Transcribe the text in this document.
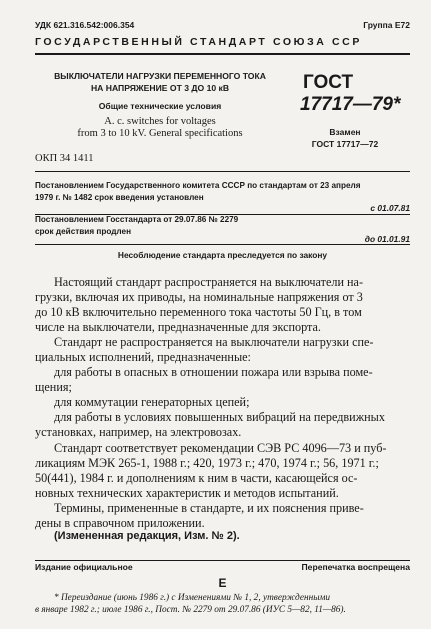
УДК 621.316.542:006.354	Группа Е72
ГОСУДАРСТВЕННЫЙ СТАНДАРТ СОЮЗА ССР
ВЫКЛЮЧАТЕЛИ НАГРУЗКИ ПЕРЕМЕННОГО ТОКА
НА НАПРЯЖЕНИЕ ОТ 3 ДО 10 кВ
Общие технические условия
A. c. switches for voltages
from 3 to 10 kV. General specifications
ГОСТ
17717—79*
Взамен
ГОСТ 17717—72
ОКП 34 1411
Постановлением Государственного комитета СССР по стандартам от 23 апреля
1979 г. № 1482 срок введения установлен
с 01.07.81
Постановлением Госстандарта от 29.07.86 № 2279
срок действия продлен
до 01.01.91
Несоблюдение стандарта преследуется по закону
Настоящий стандарт распространяется на выключатели на-
грузки, включая их приводы, на номинальные напряжения от 3
до 10 кВ включительно переменного тока частоты 50 Гц, в том
числе на выключатели, предназначенные для экспорта.
Стандарт не распространяется на выключатели нагрузки спе-
циальных исполнений, предназначенные:
для работы в опасных в отношении пожара или взрыва поме-
щения;
для коммутации генераторных цепей;
для работы в условиях повышенных вибраций на передвижных
установках, например, на электровозах.
Стандарт соответствует рекомендации СЭВ РС 4096—73 и пуб-
ликациям МЭК 265-1, 1988 г.; 420, 1973 г.; 470, 1974 г.; 56, 1971 г.;
50(441), 1984 г. и дополнениям к ним в части, касающейся ос-
новных технических характеристик и методов испытаний.
Термины, примененные в стандарте, и их пояснения приве-
дены в справочном приложении.
(Измененная редакция, Изм. № 2).
Издание официальное	Перепечатка воспрещена
Е
* Переиздание (июнь 1986 г.) с Изменениями № 1, 2, утвержденными
в январе 1982 г.; июле 1986 г., Пост. № 2279 от 29.07.86 (ИУС 5—82, 11—86).
